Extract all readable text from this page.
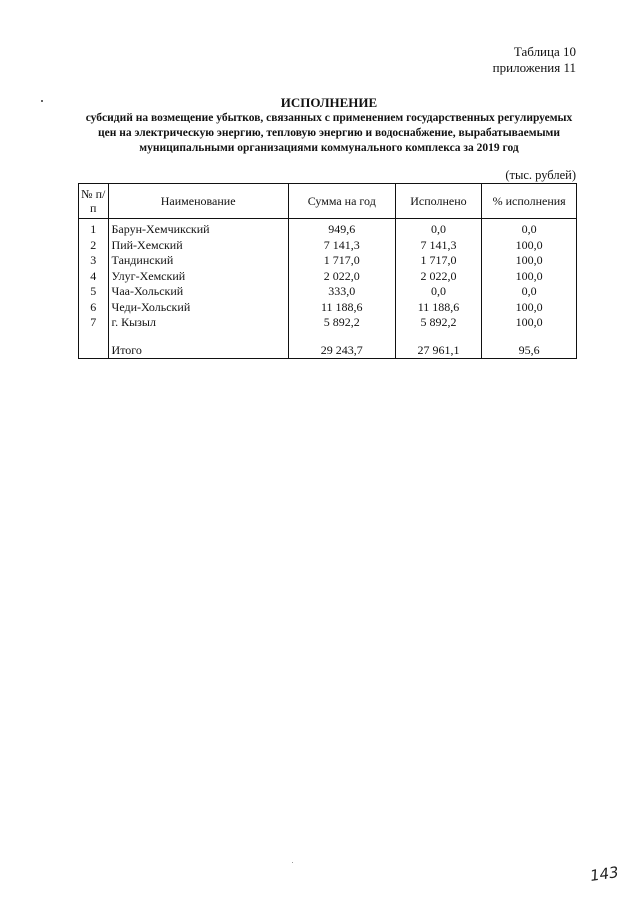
Таблица 10
приложения 11
ИСПОЛНЕНИЕ
субсидий на возмещение убытков, связанных с применением государственных регулируемых цен на электрическую энергию, тепловую энергию и водоснабжение, вырабатываемыми муниципальными организациями коммунального комплекса за 2019 год
(тыс. рублей)
№ п/п	Наименование	Сумма на год	Исполнено	% исполнения
1	Барун-Хемчикский	949,6	0,0	0,0
2	Пий-Хемский	7 141,3	7 141,3	100,0
3	Тандинский	1 717,0	1 717,0	100,0
4	Улуг-Хемский	2 022,0	2 022,0	100,0
5	Чаа-Хольский	333,0	0,0	0,0
6	Чеди-Хольский	11 188,6	11 188,6	100,0
7	г. Кызыл	5 892,2	5 892,2	100,0

	Итого	29 243,7	27 961,1	95,6
143
